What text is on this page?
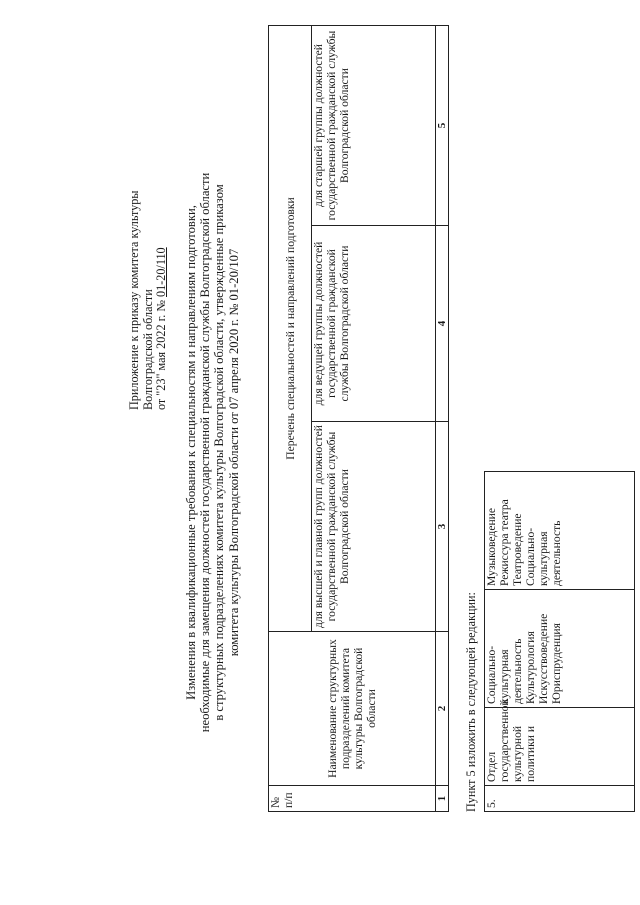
Приложение к приказу комитета культуры Волгоградской области от "23" мая 2022 г. № 01-20/110 Изменения в квалификационные требования к специальностям и направлениям подготовки, необходимые для замещения должностей государственной гражданской службы Волгоградской области в структурных подразделениях комитета культуры Волгоградской области, утвержденные приказом комитета культуры Волгоградской области от 07 апреля 2020 г. № 01-20/107
№ п/п	Наименование структурных подразделений комитета культуры Волгоградской области	Перечень специальностей и направлений подготовки		
		для высшей и главной групп должностей государственной гражданской службы Волгоградской области	для ведущей группы должностей государственной гражданской службы Волгоградской области	для старшей группы должностей государственной гражданской службы Волгоградской области
1	2	3	4	5
Пункт 5 изложить в следующей редакции: 5.	Отдел государственной культурной политики и	Социально-культурная деятельность Культурология Искусствоведение Юриспруденция	Музыковедение Режиссура театра Театроведение Социально-культурная деятельность
